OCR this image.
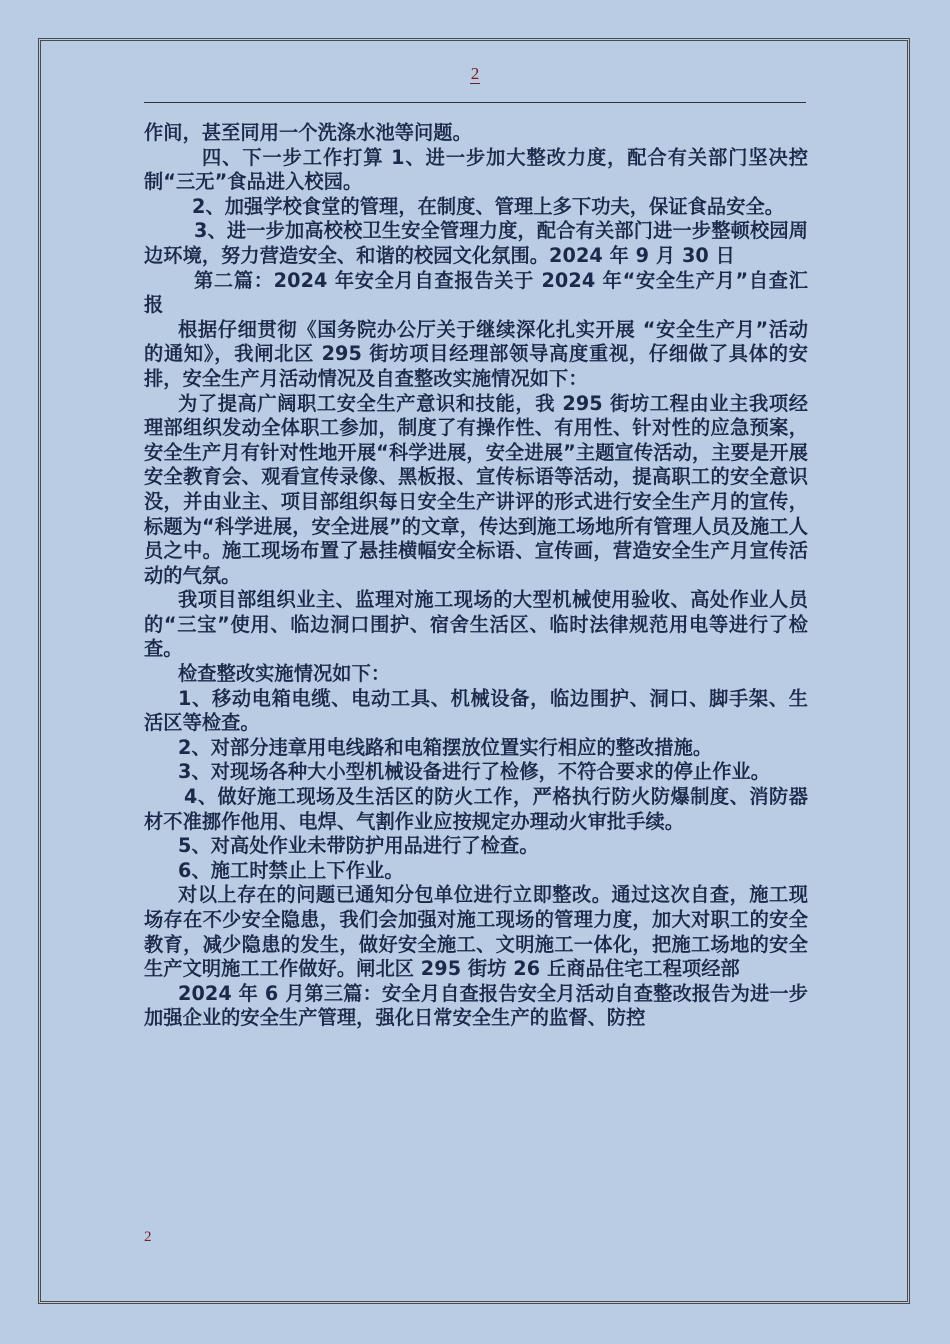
2

作间，甚至同用一个洗涤水池等问题。

四、下一步工作打算 1、进一步加大整改力度，配合有关部门坚决控制“三无”食品进入校园。

2、加强学校食堂的管理，在制度、管理上多下功夫，保证食品安全。

3、进一步加高校校卫生安全管理力度，配合有关部门进一步整顿校园周边环境，努力营造安全、和谐的校园文化氛围。2024 年 9 月 30 日

第二篇：2024 年安全月自查报告关于 2024 年“安全生产月”自查汇报

根据仔细贯彻《国务院办公厅关于继续深化扎实开展 “安全生产月”活动的通知》，我闸北区 295 街坊项目经理部领导高度重视，仔细做了具体的安排，安全生产月活动情况及自查整改实施情况如下：

为了提高广阔职工安全生产意识和技能，我 295 街坊工程由业主我项经理部组织发动全体职工参加，制度了有操作性、有用性、针对性的应急预案，安全生产月有针对性地开展“科学进展，安全进展”主题宣传活动，主要是开展安全教育会、观看宣传录像、黑板报、宣传标语等活动，提高职工的安全意识没，并由业主、项目部组织每日安全生产讲评的形式进行安全生产月的宣传，标题为“科学进展，安全进展”的文章，传达到施工场地所有管理人员及施工人员之中。施工现场布置了悬挂横幅安全标语、宣传画，营造安全生产月宣传活动的气氛。

我项目部组织业主、监理对施工现场的大型机械使用验收、高处作业人员的“三宝”使用、临边洞口围护、宿舍生活区、临时法律规范用电等进行了检查。

检查整改实施情况如下：

1、移动电箱电缆、电动工具、机械设备，临边围护、洞口、脚手架、生活区等检查。

2、对部分违章用电线路和电箱摆放位置实行相应的整改措施。

3、对现场各种大小型机械设备进行了检修，不符合要求的停止作业。

4、做好施工现场及生活区的防火工作，严格执行防火防爆制度、消防器材不准挪作他用、电焊、气割作业应按规定办理动火审批手续。

5、对高处作业未带防护用品进行了检查。

6、施工时禁止上下作业。

对以上存在的问题已通知分包单位进行立即整改。通过这次自查，施工现场存在不少安全隐患，我们会加强对施工现场的管理力度，加大对职工的安全教育，减少隐患的发生，做好安全施工、文明施工一体化，把施工场地的安全生产文明施工工作做好。闸北区 295 街坊 26 丘商品住宅工程项经部

2024 年 6 月第三篇：安全月自查报告安全月活动自查整改报告为进一步加强企业的安全生产管理，强化日常安全生产的监督、防控

2
